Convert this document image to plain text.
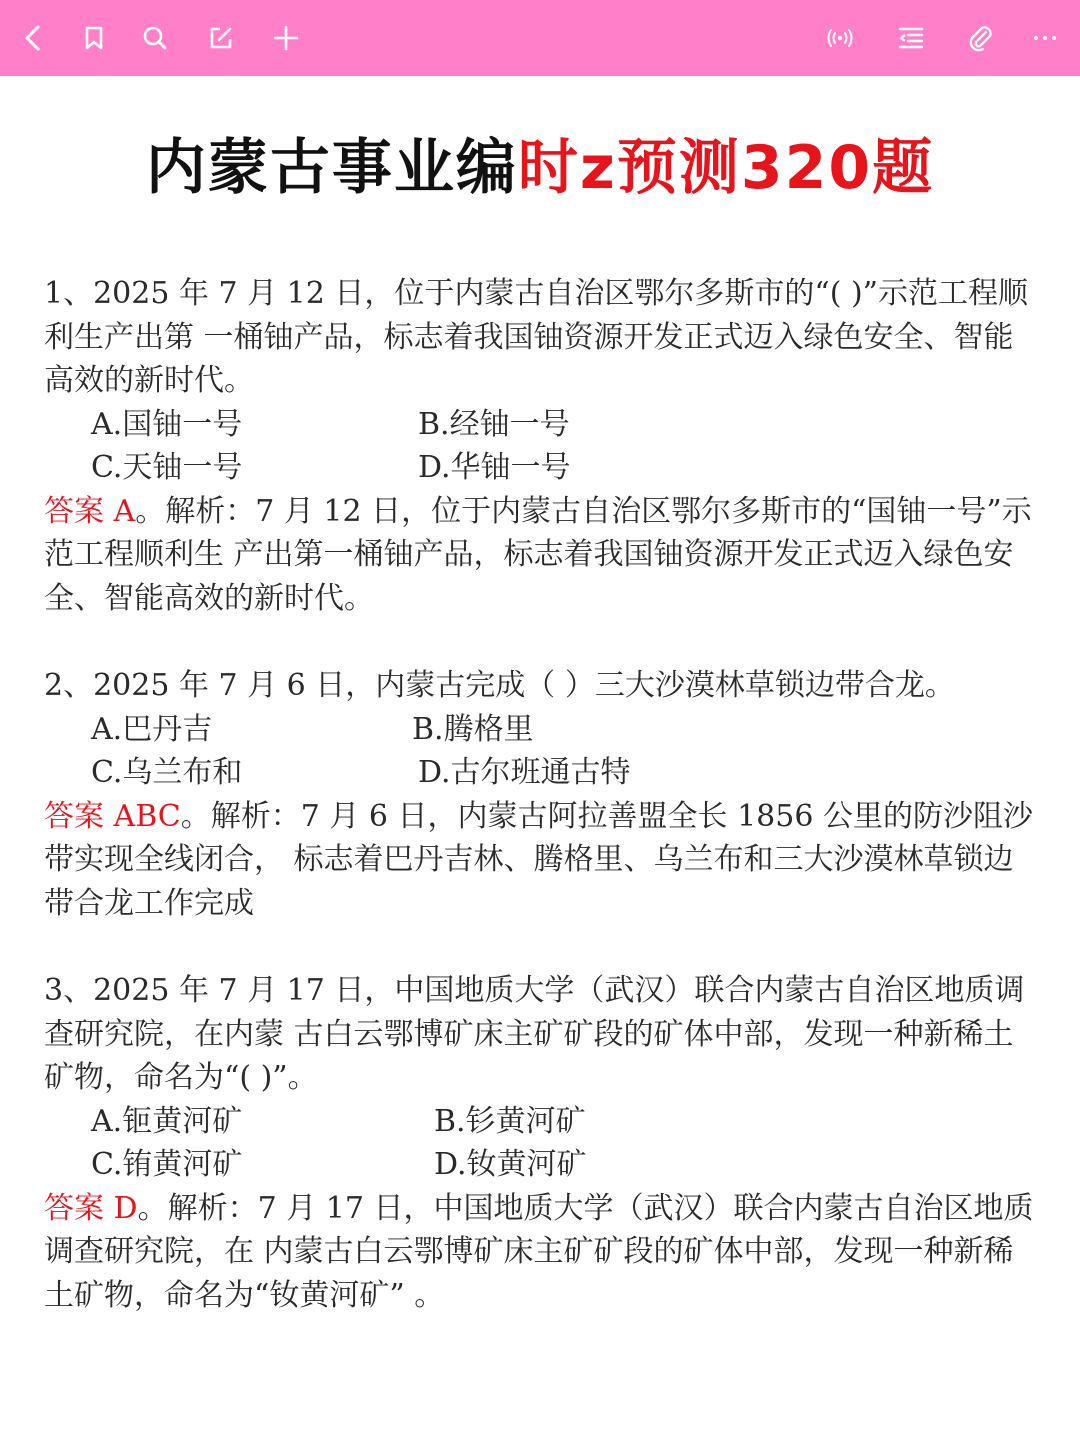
内蒙古事业编时z预测320题

1、2025 年 7 月 12 日，位于内蒙古自治区鄂尔多斯市的“( )”示范工程顺利生产出第 一桶铀产品，标志着我国铀资源开发正式迈入绿色安全、智能高效的新时代。

A.国铀一号	B.经铀一号
C.天铀一号	D.华铀一号

答案 A。解析：7 月 12 日，位于内蒙古自治区鄂尔多斯市的“国铀一号”示范工程顺利生 产出第一桶铀产品，标志着我国铀资源开发正式迈入绿色安全、智能高效的新时代。

2、2025 年 7 月 6 日，内蒙古完成（ ）三大沙漠林草锁边带合龙。

A.巴丹吉	B.腾格里
C.乌兰布和	D.古尔班通古特

答案 ABC。解析：7 月 6 日，内蒙古阿拉善盟全长 1856 公里的防沙阻沙带实现全线闭合， 标志着巴丹吉林、腾格里、乌兰布和三大沙漠林草锁边带合龙工作完成

3、2025 年 7 月 17 日，中国地质大学（武汉）联合内蒙古自治区地质调查研究院，在内蒙 古白云鄂博矿床主矿矿段的矿体中部，发现一种新稀土矿物，命名为“( )”。

A.钷黄河矿	B.钐黄河矿
C.铕黄河矿	D.钕黄河矿

答案 D。解析：7 月 17 日，中国地质大学（武汉）联合内蒙古自治区地质调查研究院，在 内蒙古白云鄂博矿床主矿矿段的矿体中部，发现一种新稀土矿物，命名为“钕黄河矿” 。
